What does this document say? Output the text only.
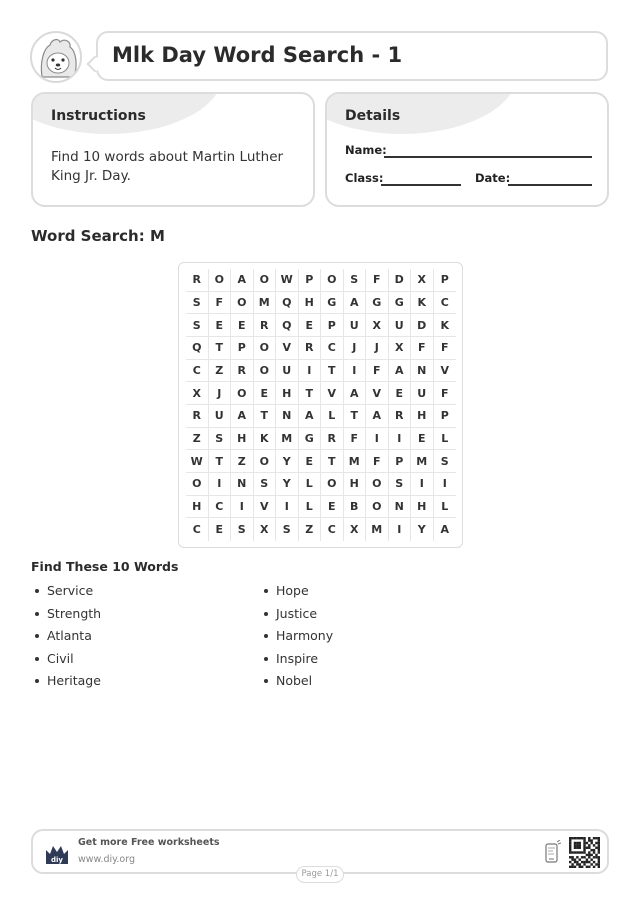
Mlk Day Word Search - 1
Instructions
Find 10 words about Martin Luther King Jr. Day.
Details
Name:
Class:	Date:
Word Search: M
R	O	A	O	W	P	O	S	F	D	X	P
S	F	O	M	Q	H	G	A	G	G	K	C
S	E	E	R	Q	E	P	U	X	U	D	K
Q	T	P	O	V	R	C	J	J	X	F	F
C	Z	R	O	U	I	T	I	F	A	N	V
X	J	O	E	H	T	V	A	V	E	U	F
R	U	A	T	N	A	L	T	A	R	H	P
Z	S	H	K	M	G	R	F	I	I	E	L
W	T	Z	O	Y	E	T	M	F	P	M	S
O	I	N	S	Y	L	O	H	O	S	I	I
H	C	I	V	I	L	E	B	O	N	H	L
C	E	S	X	S	Z	C	X	M	I	Y	A
Find These 10 Words
Service
Strength
Atlanta
Civil
Heritage
Hope
Justice
Harmony
Inspire
Nobel
diy
Get more Free worksheets
www.diy.org
Page 1/1
